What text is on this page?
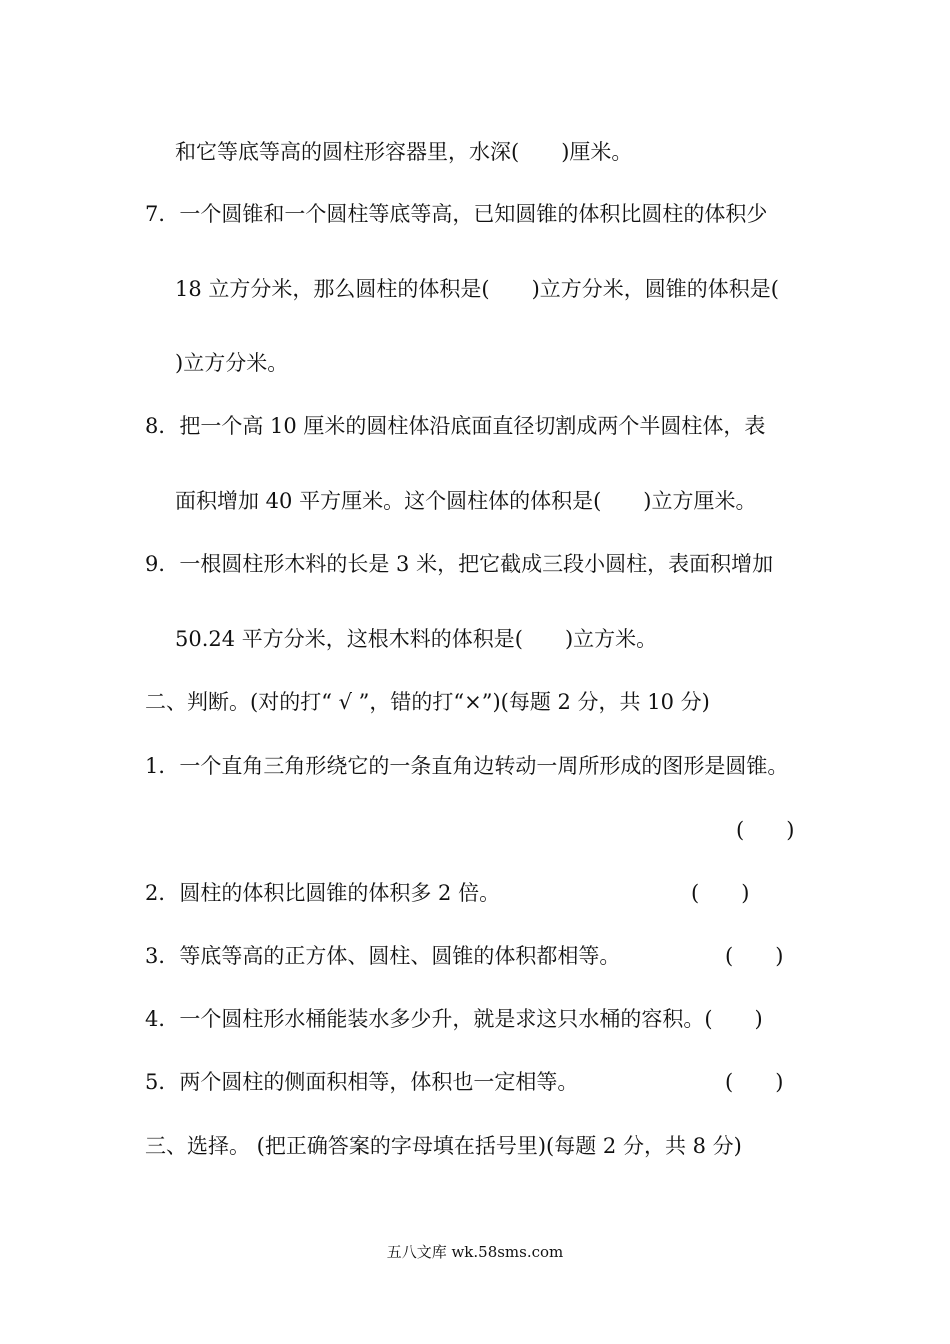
和它等底等高的圆柱形容器里，水深(　　)厘米。
7．一个圆锥和一个圆柱等底等高，已知圆锥的体积比圆柱的体积少
18 立方分米，那么圆柱的体积是(　　)立方分米，圆锥的体积是(
)立方分米。
8．把一个高 10 厘米的圆柱体沿底面直径切割成两个半圆柱体，表
面积增加 40 平方厘米。这个圆柱体的体积是(　　)立方厘米。
9．一根圆柱形木料的长是 3 米，把它截成三段小圆柱，表面积增加
50.24 平方分米，这根木料的体积是(　　)立方米。
二、判断。(对的打“ √ ”，错的打“×”)(每题 2 分，共 10 分)
1．一个直角三角形绕它的一条直角边转动一周所形成的图形是圆锥。
(　　)
2．圆柱的体积比圆锥的体积多 2 倍。	(　　)
3．等底等高的正方体、圆柱、圆锥的体积都相等。	(　　)
4．一个圆柱形水桶能装水多少升，就是求这只水桶的容积。(　　)
5．两个圆柱的侧面积相等，体积也一定相等。	(　　)
三、选择。 (把正确答案的字母填在括号里)(每题 2 分，共 8 分)
五八文库 wk.58sms.com
